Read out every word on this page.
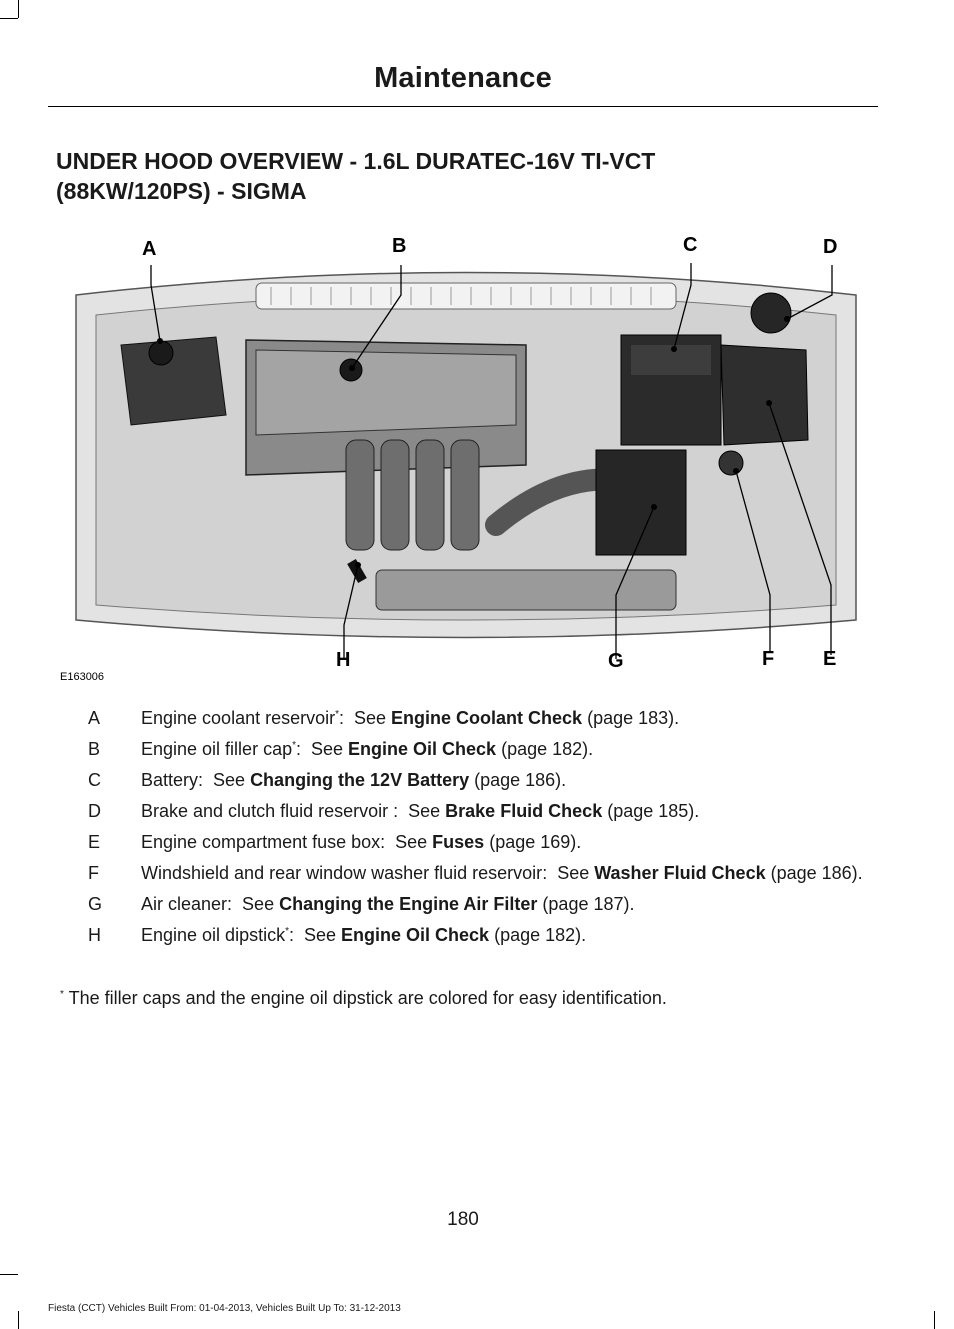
Maintenance
UNDER HOOD OVERVIEW - 1.6L DURATEC-16V TI-VCT
(88KW/120PS) - SIGMA
A	B	C	D
E
F
G
H
E163006
A	Engine coolant reservoir*:  See Engine Coolant Check (page 183).
B	Engine oil filler cap*:  See Engine Oil Check (page 182).
C	Battery:  See Changing the 12V Battery (page 186).
D	Brake and clutch fluid reservoir :  See Brake Fluid Check (page 185).
E	Engine compartment fuse box:  See Fuses (page 169).
F	Windshield and rear window washer fluid reservoir:  See Washer Fluid Check (page 186).
G	Air cleaner:  See Changing the Engine Air Filter (page 187).
H	Engine oil dipstick*:  See Engine Oil Check (page 182).
* The filler caps and the engine oil dipstick are colored for easy identification.
180
Fiesta (CCT) Vehicles Built From: 01-04-2013, Vehicles Built Up To: 31-12-2013
